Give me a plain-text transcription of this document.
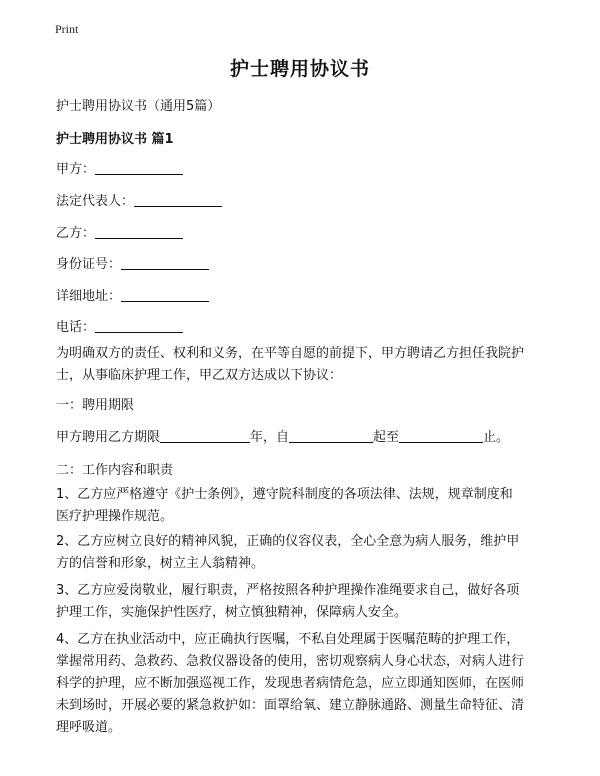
Print
护士聘用协议书
护士聘用协议书（通用5篇）
护士聘用协议书 篇1
甲方：
法定代表人：
乙方：
身份证号：
详细地址：
电话：
为明确双方的责任、权利和义务，在平等自愿的前提下，甲方聘请乙方担任我院护
士，从事临床护理工作，甲乙双方达成以下协议：
一：聘用期限
甲方聘用乙方期限	年，自	起至	止。
二：工作内容和职责
1、乙方应严格遵守《护士条例》，遵守院科制度的各项法律、法规，规章制度和
医疗护理操作规范。
2、乙方应树立良好的精神风貌，正确的仪容仪表，全心全意为病人服务，维护甲
方的信誉和形象，树立主人翁精神。
3、乙方应爱岗敬业，履行职责，严格按照各种护理操作准绳要求自己，做好各项
护理工作，实施保护性医疗，树立慎独精神，保障病人安全。
4、乙方在执业活动中，应正确执行医嘱，不私自处理属于医嘱范畴的护理工作，
掌握常用药、急救药、急救仪器设备的使用，密切观察病人身心状态，对病人进行
科学的护理，应不断加强巡视工作，发现患者病情危急，应立即通知医师，在医师
未到场时，开展必要的紧急救护如：面罩给氧、建立静脉通路、测量生命特征、清
理呼吸道。
